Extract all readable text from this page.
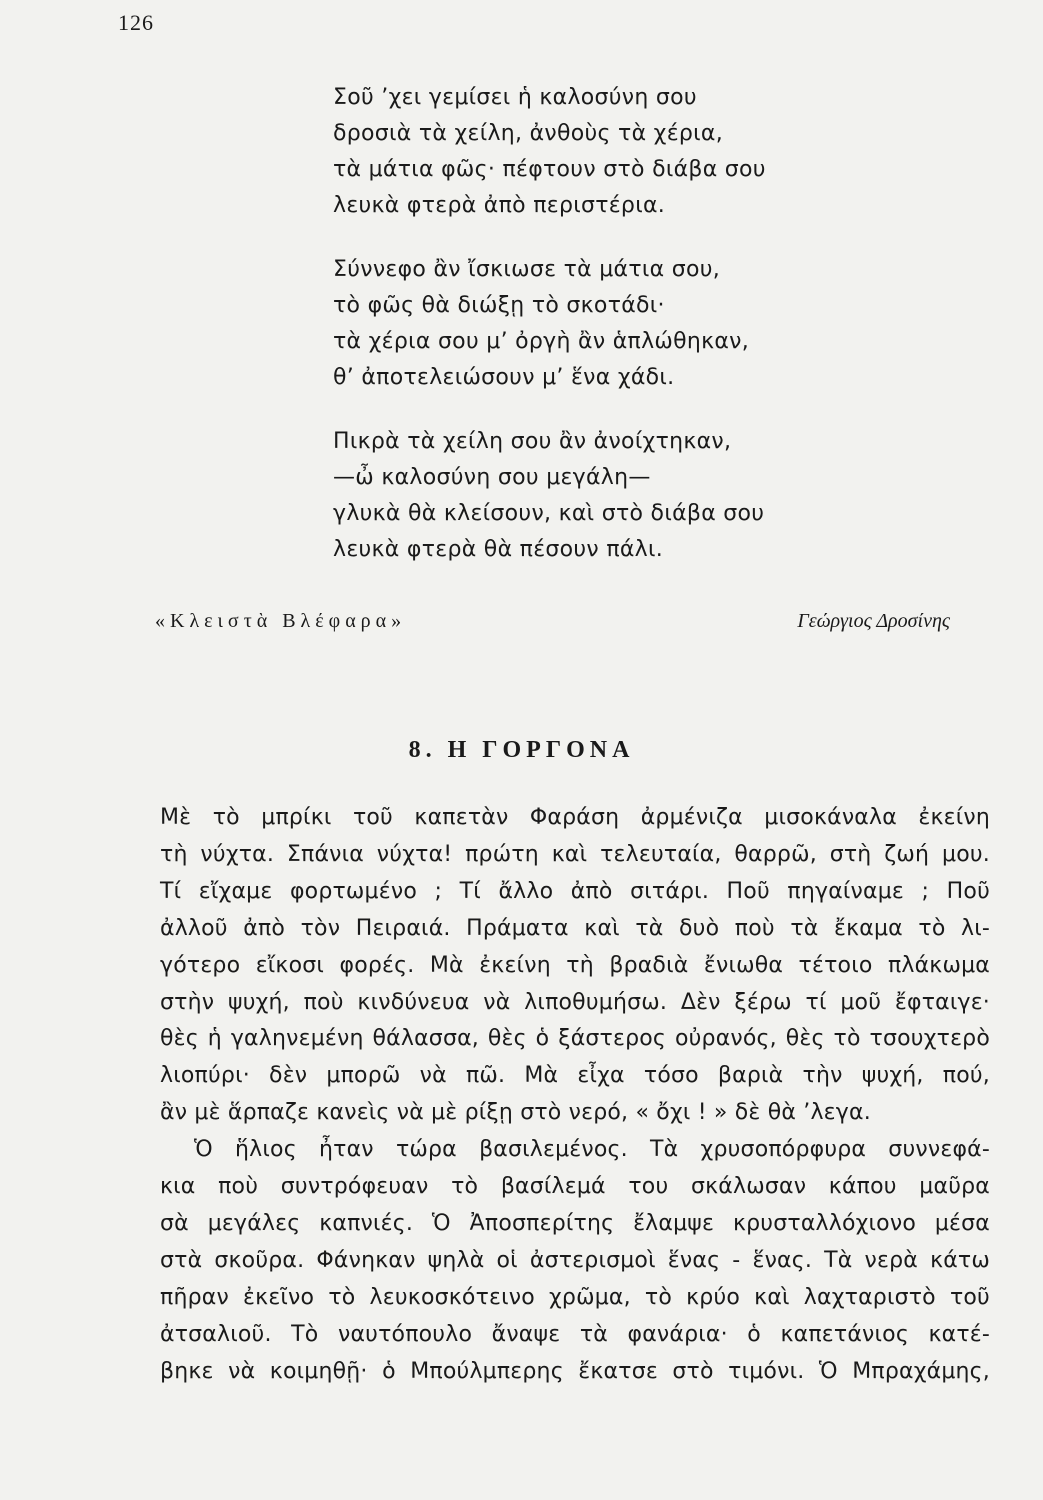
126
Σοῦ ’χει γεμίσει ἡ καλοσύνη σου
δροσιὰ τὰ χείλη, ἀνθοὺς τὰ χέρια,
τὰ μάτια φῶς· πέφτουν στὸ διάβα σου
λευκὰ φτερὰ ἀπὸ περιστέρια.
Σύννεφο ἂν ἴσκιωσε τὰ μάτια σου,
τὸ φῶς θὰ διώξῃ τὸ σκοτάδι·
τὰ χέρια σου μ’ ὀργὴ ἂν ἁπλώθηκαν,
θ’ ἀποτελειώσουν μ’ ἕνα χάδι.
Πικρὰ τὰ χείλη σου ἂν ἀνοίχτηκαν,
—ὦ καλοσύνη σου μεγάλη—
γλυκὰ θὰ κλείσουν, καὶ στὸ διάβα σου
λευκὰ φτερὰ θὰ πέσουν πάλι.
«Κλειστὰ Βλέφαρα»	Γεώργιος Δροσίνης
8. Η ΓΟΡΓΟΝΑ
Μὲ τὸ μπρίκι τοῦ καπετὰν Φαράση ἀρμένιζα μισοκάναλα ἐκείνη
τὴ νύχτα. Σπάνια νύχτα! πρώτη καὶ τελευταία, θαρρῶ, στὴ ζωή μου.
Τί εἴχαμε φορτωμένο ; Τί ἄλλο ἀπὸ σιτάρι. Ποῦ πηγαίναμε ; Ποῦ
ἀλλοῦ ἀπὸ τὸν Πειραιά. Πράματα καὶ τὰ δυὸ ποὺ τὰ ἔκαμα τὸ λι-
γότερο εἴκοσι φορές. Μὰ ἐκείνη τὴ βραδιὰ ἔνιωθα τέτοιο πλάκωμα
στὴν ψυχή, ποὺ κινδύνευα νὰ λιποθυμήσω. Δὲν ξέρω τί μοῦ ἔφταιγε·
θὲς ἡ γαληνεμένη θάλασσα, θὲς ὁ ξάστερος οὐρανός, θὲς τὸ τσουχτερὸ
λιοπύρι· δὲν μπορῶ νὰ πῶ. Μὰ εἶχα τόσο βαριὰ τὴν ψυχή, πού,
ἂν μὲ ἅρπαζε κανεὶς νὰ μὲ ρίξῃ στὸ νερό, « ὄχι ! » δὲ θὰ ’λεγα.
Ὁ ἥλιος ἦταν τώρα βασιλεμένος. Τὰ χρυσοπόρφυρα συννεφά-
κια ποὺ συντρόφευαν τὸ βασίλεμά του σκάλωσαν κάπου μαῦρα
σὰ μεγάλες καπνιές. Ὁ Ἀποσπερίτης ἔλαμψε κρυσταλλόχιονο μέσα
στὰ σκοῦρα. Φάνηκαν ψηλὰ οἱ ἀστερισμοὶ ἕνας - ἕνας. Τὰ νερὰ κάτω
πῆραν ἐκεῖνο τὸ λευκοσκότεινο χρῶμα, τὸ κρύο καὶ λαχταριστὸ τοῦ
ἀτσαλιοῦ. Τὸ ναυτόπουλο ἄναψε τὰ φανάρια· ὁ καπετάνιος κατέ-
βηκε νὰ κοιμηθῇ· ὁ Μπούλμπερης ἔκατσε στὸ τιμόνι. Ὁ Μπραχάμης,
